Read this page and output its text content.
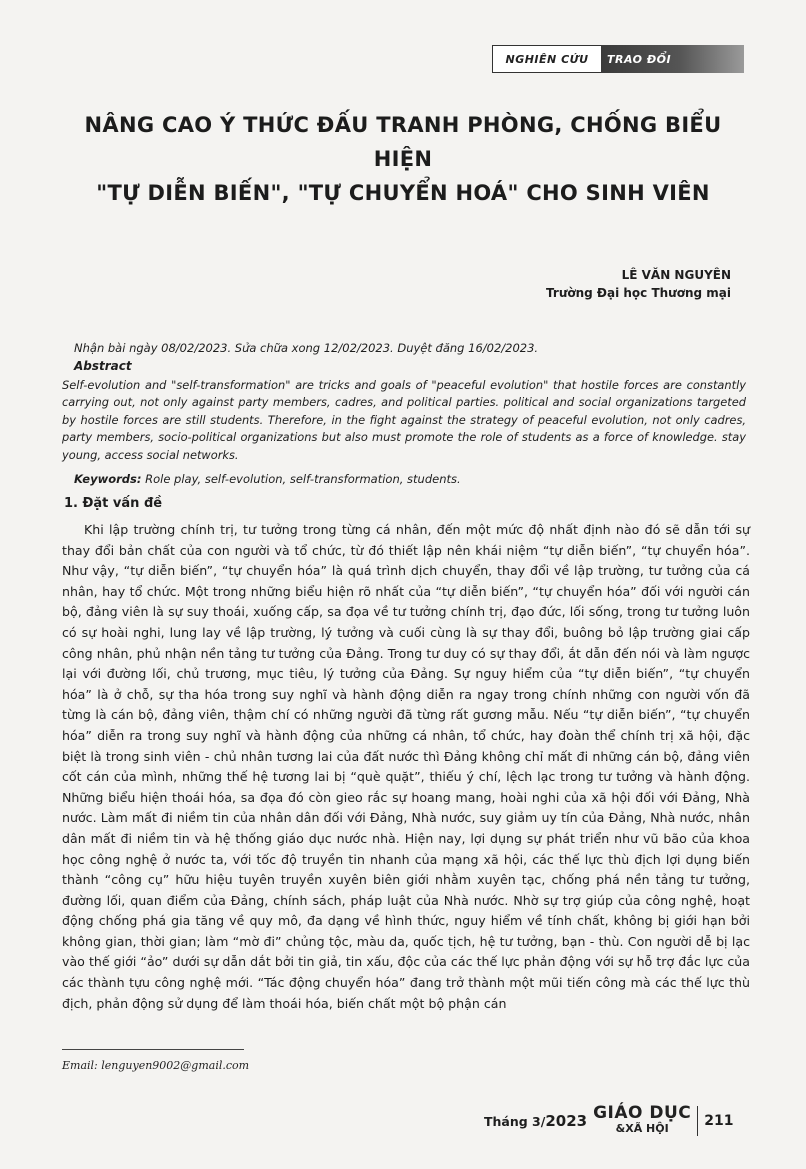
NGHIÊN CỨU	TRAO ĐỔI
NÂNG CAO Ý THỨC ĐẤU TRANH PHÒNG, CHỐNG BIỂU HIỆN
"TỰ DIỄN BIẾN", "TỰ CHUYỂN HOÁ" CHO SINH VIÊN
LÊ VĂN NGUYÊN
Trường Đại học Thương mại
Nhận bài ngày 08/02/2023. Sửa chữa xong 12/02/2023. Duyệt đăng 16/02/2023.
Abstract

Self-evolution and "self-transformation" are tricks and goals of "peaceful evolution" that hostile forces are constantly carrying out, not only against party members, cadres, and political parties. political and social organizations targeted by hostile forces are still students. Therefore, in the fight against the strategy of peaceful evolution, not only cadres, party members, socio-political organizations but also must promote the role of students as a force of knowledge. stay young, access social networks.

Keywords: Role play, self-evolution, self-transformation, students.
1. Đặt vấn đề

Khi lập trường chính trị, tư tưởng trong từng cá nhân, đến một mức độ nhất định nào đó sẽ dẫn tới sự thay đổi bản chất của con người và tổ chức, từ đó thiết lập nên khái niệm “tự diễn biến”, “tự chuyển hóa”. Như vậy, “tự diễn biến”, “tự chuyển hóa” là quá trình dịch chuyển, thay đổi về lập trường, tư tưởng của cá nhân, hay tổ chức. Một trong những biểu hiện rõ nhất của “tự diễn biến”, “tự chuyển hóa” đối với người cán bộ, đảng viên là sự suy thoái, xuống cấp, sa đọa về tư tưởng chính trị, đạo đức, lối sống, trong tư tưởng luôn có sự hoài nghi, lung lay về lập trường, lý tưởng và cuối cùng là sự thay đổi, buông bỏ lập trường giai cấp công nhân, phủ nhận nền tảng tư tưởng của Đảng. Trong tư duy có sự thay đổi, ắt dẫn đến nói và làm ngược lại với đường lối, chủ trương, mục tiêu, lý tưởng của Đảng. Sự nguy hiểm của “tự diễn biến”, “tự chuyển hóa” là ở chỗ, sự tha hóa trong suy nghĩ và hành động diễn ra ngay trong chính những con người vốn đã từng là cán bộ, đảng viên, thậm chí có những người đã từng rất gương mẫu. Nếu “tự diễn biến”, “tự chuyển hóa” diễn ra trong suy nghĩ và hành động của những cá nhân, tổ chức, hay đoàn thể chính trị xã hội, đặc biệt là trong sinh viên - chủ nhân tương lai của đất nước thì Đảng không chỉ mất đi những cán bộ, đảng viên cốt cán của mình, những thế hệ tương lai bị “què quặt”, thiếu ý chí, lệch lạc trong tư tưởng và hành động. Những biểu hiện thoái hóa, sa đọa đó còn gieo rắc sự hoang mang, hoài nghi của xã hội đối với Đảng, Nhà nước. Làm mất đi niềm tin của nhân dân đối với Đảng, Nhà nước, suy giảm uy tín của Đảng, Nhà nước, nhân dân mất đi niềm tin và hệ thống giáo dục nước nhà. Hiện nay, lợi dụng sự phát triển như vũ bão của khoa học công nghệ ở nước ta, với tốc độ truyền tin nhanh của mạng xã hội, các thế lực thù địch lợi dụng biến thành “công cụ” hữu hiệu tuyên truyền xuyên biên giới nhằm xuyên tạc, chống phá nền tảng tư tưởng, đường lối, quan điểm của Đảng, chính sách, pháp luật của Nhà nước. Nhờ sự trợ giúp của công nghệ, hoạt động chống phá gia tăng về quy mô, đa dạng về hình thức, nguy hiểm về tính chất, không bị giới hạn bởi không gian, thời gian; làm “mờ đi” chủng tộc, màu da, quốc tịch, hệ tư tưởng, bạn - thù. Con người dễ bị lạc vào thế giới “ảo” dưới sự dẫn dắt bởi tin giả, tin xấu, độc của các thế lực phản động với sự hỗ trợ đắc lực của các thành tựu công nghệ mới. “Tác động chuyển hóa” đang trở thành một mũi tiến công mà các thế lực thù địch, phản động sử dụng để làm thoái hóa, biến chất một bộ phận cán

Email: lenguyen9002@gmail.com
Tháng 3/2023 GIÁO DỤC
&XÃ HỘI	211
